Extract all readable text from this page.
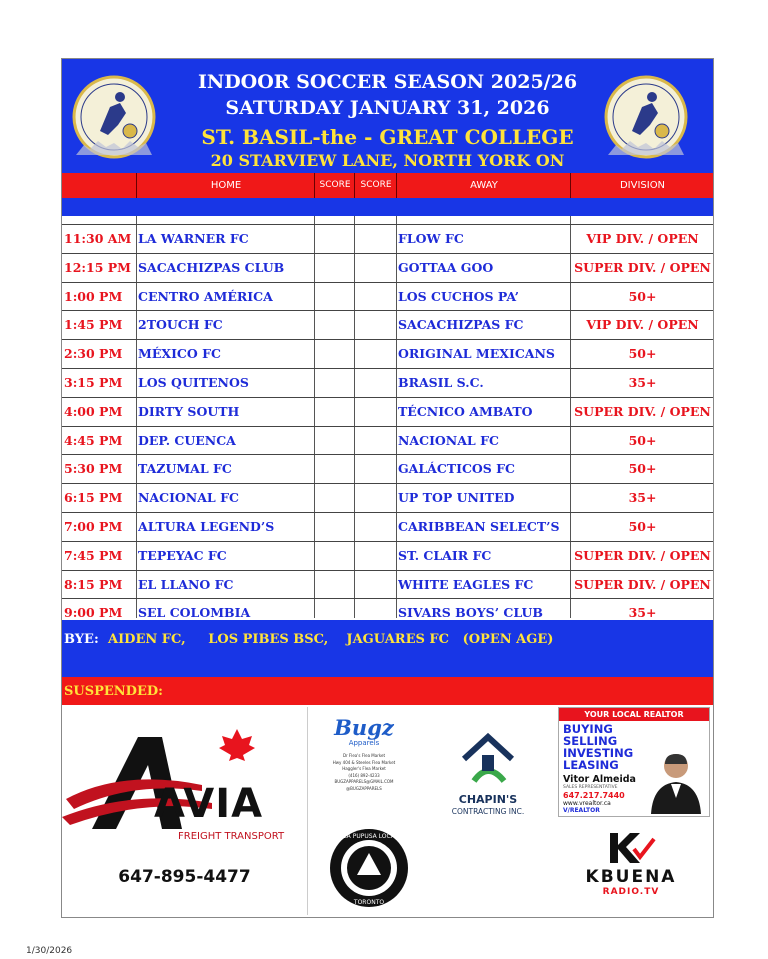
INDOOR SOCCER SEASON 2025/26
SATURDAY JANUARY 31, 2026
ST. BASIL-the - GREAT COLLEGE
20 STARVIEW LANE, NORTH YORK ON
HOME	SCORE	SCORE	AWAY	DIVISION
11:30 AM LA WARNER FC	FLOW FC	VIP DIV. / OPEN
12:15 PM SACACHIZPAS CLUB	GOTTAA GOO	SUPER DIV. / OPEN
1:00 PM	CENTRO AMÉRICA	LOS CUCHOS PA’	50+
1:45 PM	2TOUCH FC	SACACHIZPAS FC	VIP DIV. / OPEN
2:30 PM	MÉXICO FC	ORIGINAL MEXICANS	50+
3:15 PM	LOS QUITENOS	BRASIL S.C.	35+
4:00 PM	DIRTY SOUTH	TÉCNICO AMBATO	SUPER DIV. / OPEN
4:45 PM	DEP. CUENCA	NACIONAL FC	50+
5:30 PM	TAZUMAL FC	GALÁCTICOS FC	50+
6:15 PM	NACIONAL FC	UP TOP UNITED	35+
7:00 PM	ALTURA LEGEND’S	CARIBBEAN SELECT’S	50+
7:45 PM	TEPEYAC FC	ST. CLAIR FC	SUPER DIV. / OPEN
8:15 PM	EL LLANO FC	WHITE EAGLES FC	SUPER DIV. / OPEN
9:00 PM	SEL COLOMBIA	SIVARS BOYS’ CLUB	35+
BYE: AIDEN FC,     LOS PIBES BSC,    JAGUARES FC   (OPEN AGE)
SUSPENDED:
AVIA
FREIGHT TRANSPORT
647-895-4477
Bugz
Apparels
Dr Flea's Flea Market
Hwy 404 & Steeles Flea Market
Haggler's Flea Market
(416) 892-4233
BUGZAPPARELS@GMAIL.COM
@BUGZAPPARELS
LA PUPUSA LOCA
TORONTO
CHAPIN'S
CONTRACTING INC.
YOUR LOCAL REALTOR
BUYING
SELLING
INVESTING
LEASING
Vitor Almeida
SALES REPRESENTATIVE
647.217.7440
www.vrealtor.ca
V/REALTOR
KBUENA
RADIO.TV
1/30/2026
